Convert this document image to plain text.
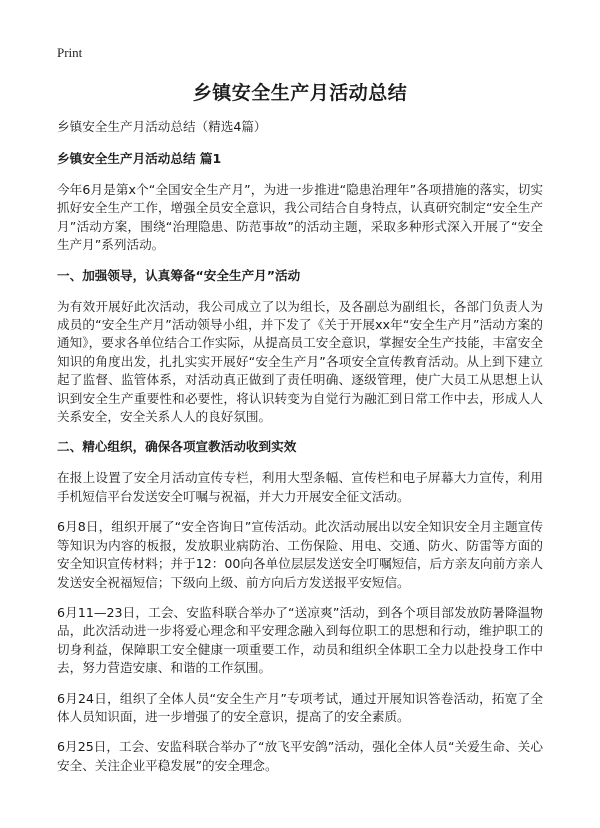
Print
乡镇安全生产月活动总结
乡镇安全生产月活动总结（精选4篇）
乡镇安全生产月活动总结 篇1
今年6月是第x个“全国安全生产月”，为进一步推进“隐患治理年”各项措施的落实，切实抓好安全生产工作，增强全员安全意识，我公司结合自身特点，认真研究制定“安全生产月”活动方案，围绕“治理隐患、防范事故”的活动主题，采取多种形式深入开展了“安全生产月”系列活动。
一、加强领导，认真筹备“安全生产月”活动
为有效开展好此次活动，我公司成立了以为组长，及各副总为副组长，各部门负责人为成员的“安全生产月”活动领导小组，并下发了《关于开展xx年“安全生产月”活动方案的通知》，要求各单位结合工作实际，从提高员工安全意识，掌握安全生产技能，丰富安全知识的角度出发，扎扎实实开展好“安全生产月”各项安全宣传教育活动。从上到下建立起了监督、监管体系，对活动真正做到了责任明确、逐级管理，使广大员工从思想上认识到安全生产重要性和必要性，将认识转变为自觉行为融汇到日常工作中去，形成人人关系安全，安全关系人人的良好氛围。
二、精心组织，确保各项宣教活动收到实效
在报上设置了安全月活动宣传专栏，利用大型条幅、宣传栏和电子屏幕大力宣传，利用手机短信平台发送安全叮嘱与祝福，并大力开展安全征文活动。
6月8日，组织开展了“安全咨询日”宣传活动。此次活动展出以安全知识安全月主题宣传等知识为内容的板报，发放职业病防治、工伤保险、用电、交通、防火、防雷等方面的安全知识宣传材料；并于12：00向各单位层层发送安全叮嘱短信，后方亲友向前方亲人发送安全祝福短信；下级向上级、前方向后方发送报平安短信。
6月11—23日，工会、安监科联合举办了“送凉爽”活动，到各个项目部发放防暑降温物品，此次活动进一步将爱心理念和平安理念融入到每位职工的思想和行动，维护职工的切身利益，保障职工安全健康一项重要工作，动员和组织全体职工全力以赴投身工作中去，努力营造安康、和谐的工作氛围。
6月24日，组织了全体人员“安全生产月”专项考试，通过开展知识答卷活动，拓宽了全体人员知识面，进一步增强了的安全意识，提高了的安全素质。
6月25日，工会、安监科联合举办了“放飞平安鸽”活动，强化全体人员“关爱生命、关心安全、关注企业平稳发展”的安全理念。
